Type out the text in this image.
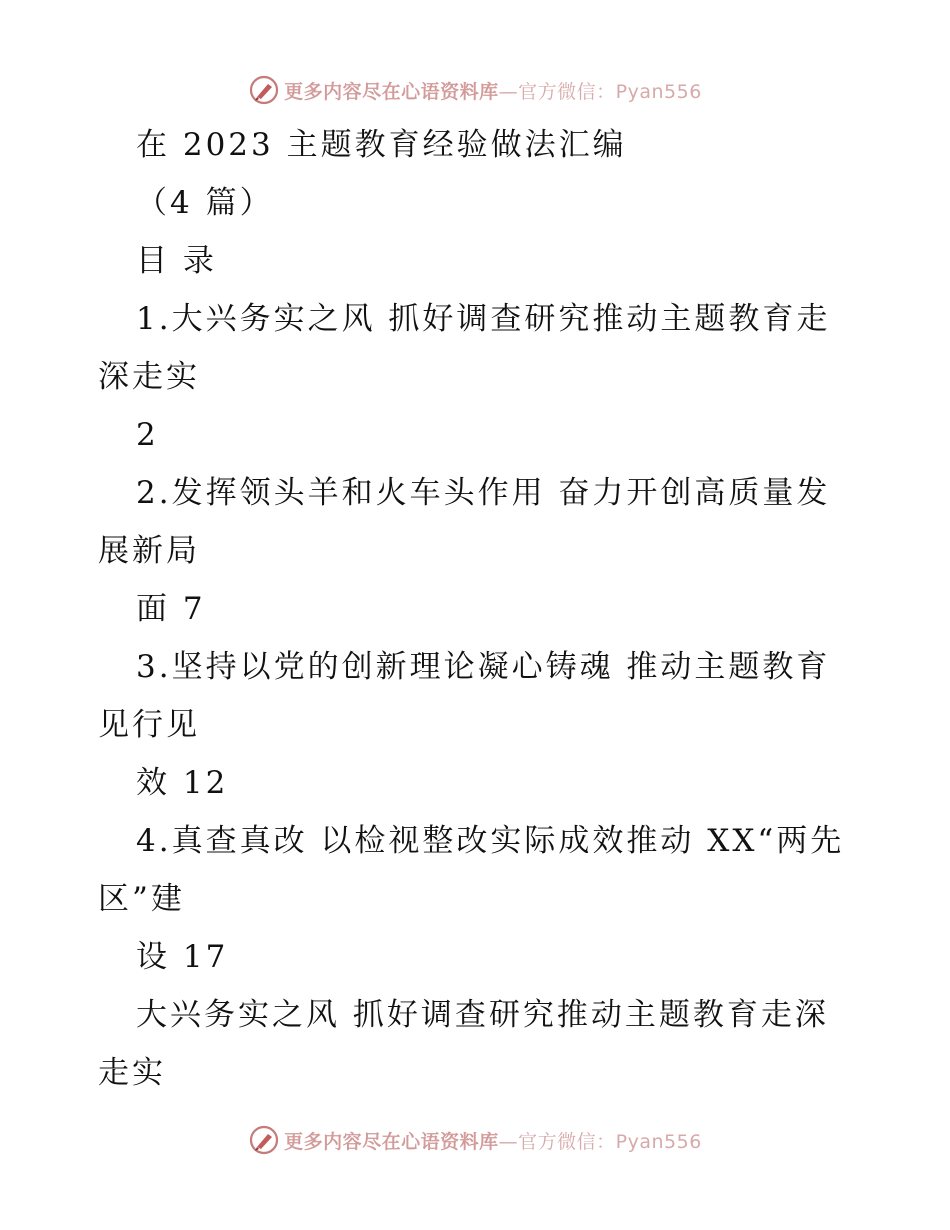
更多内容尽在心语资料库—官方微信：Pyan556
在 2023 主题教育经验做法汇编
（4 篇）
目 录
1.大兴务实之风 抓好调查研究推动主题教育走
深走实
2
2.发挥领头羊和火车头作用 奋力开创高质量发
展新局
面 7
3.坚持以党的创新理论凝心铸魂 推动主题教育
见行见
效 12
4.真查真改 以检视整改实际成效推动 XX“两先
区”建
设 17
大兴务实之风 抓好调查研究推动主题教育走深
走实
更多内容尽在心语资料库—官方微信：Pyan556
